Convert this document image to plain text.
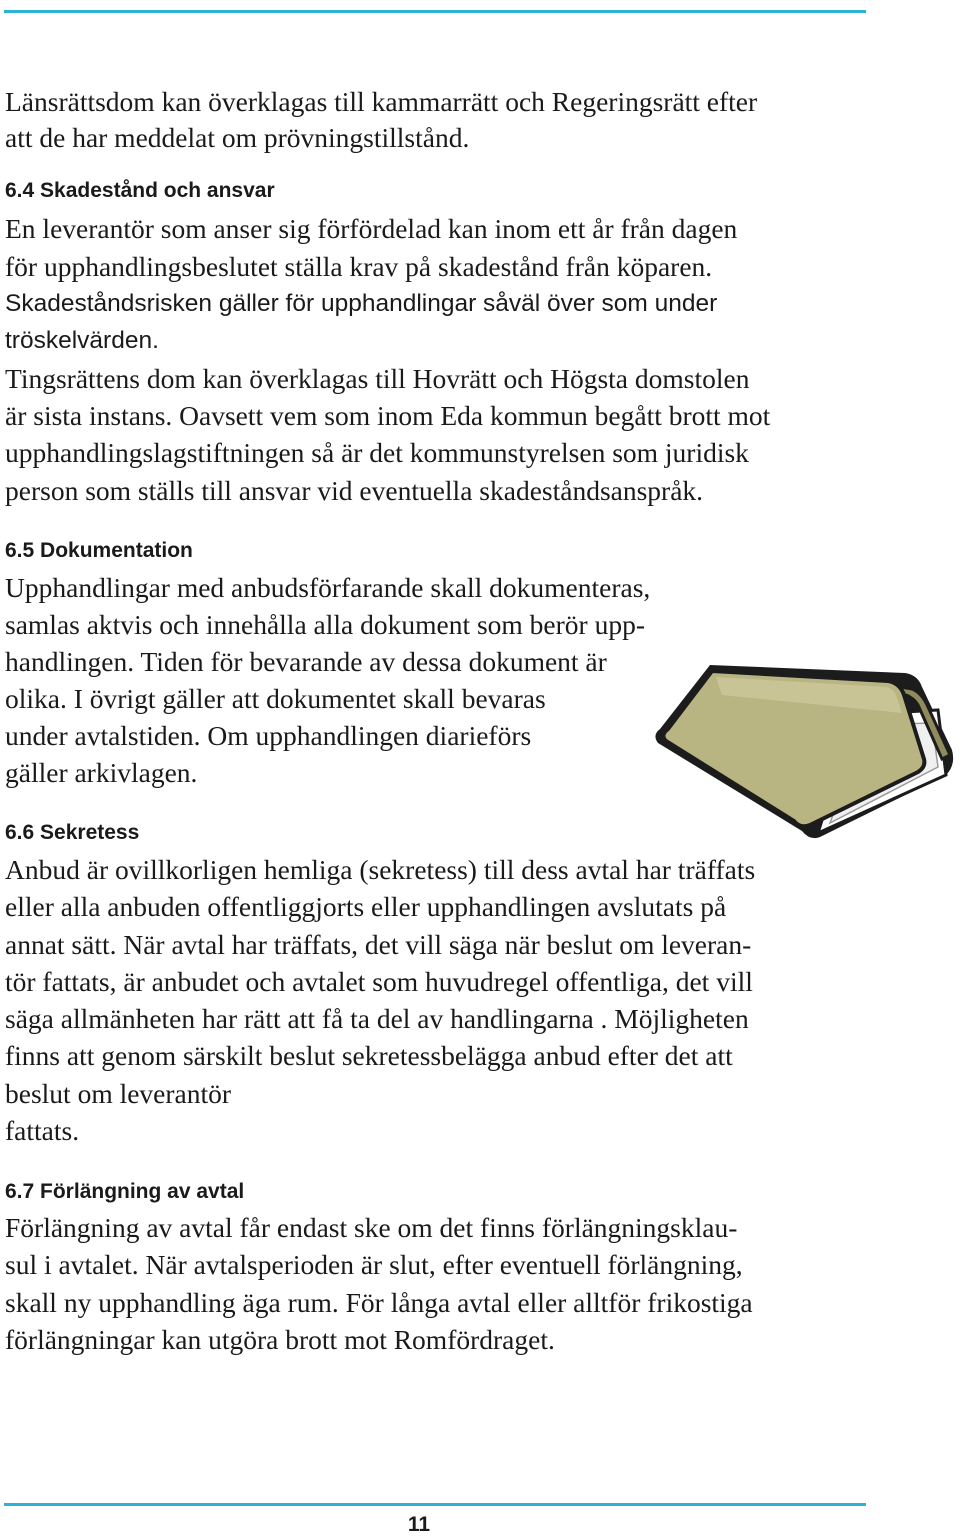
Länsrättsdom kan överklagas till kammarrätt och Regeringsrätt efter
att de har meddelat om prövningstillstånd.
6.4 Skadestånd och ansvar
En leverantör som anser sig förfördelad kan inom ett år från dagen
för upphandlingsbeslutet ställa krav på skadestånd från köparen.
Skadeståndsrisken gäller för upphandlingar såväl över som under
tröskelvärden.
Tingsrättens dom kan överklagas till Hovrätt och Högsta domstolen
är sista instans. Oavsett vem som inom Eda kommun begått brott mot
upphandlingslagstiftningen så är det kommunstyrelsen som juridisk
person som ställs till ansvar vid eventuella skadeståndsanspråk.
6.5 Dokumentation
Upphandlingar med anbudsförfarande skall dokumenteras,
samlas aktvis och innehålla alla dokument som berör upp-
handlingen. Tiden för bevarande av dessa dokument är
olika. I övrigt gäller att dokumentet skall bevaras
under avtalstiden. Om upphandlingen diarieförs
gäller arkivlagen.
6.6 Sekretess
Anbud är ovillkorligen hemliga (sekretess) till dess avtal har träffats
eller alla anbuden offentliggjorts eller upphandlingen avslutats på
annat sätt. När avtal har träffats, det vill säga när beslut om leveran-
tör fattats, är anbudet och avtalet som huvudregel offentliga, det vill
säga allmänheten har rätt att få ta del av handlingarna . Möjligheten
finns att genom särskilt beslut sekretessbelägga anbud efter det att
beslut om leverantör
fattats.
6.7 Förlängning av avtal
Förlängning av avtal får endast ske om det finns förlängningsklau-
sul i avtalet. När avtalsperioden är slut, efter eventuell förlängning,
skall ny upphandling äga rum. För långa avtal eller alltför frikostiga
förlängningar kan utgöra brott mot Romfördraget.
11
